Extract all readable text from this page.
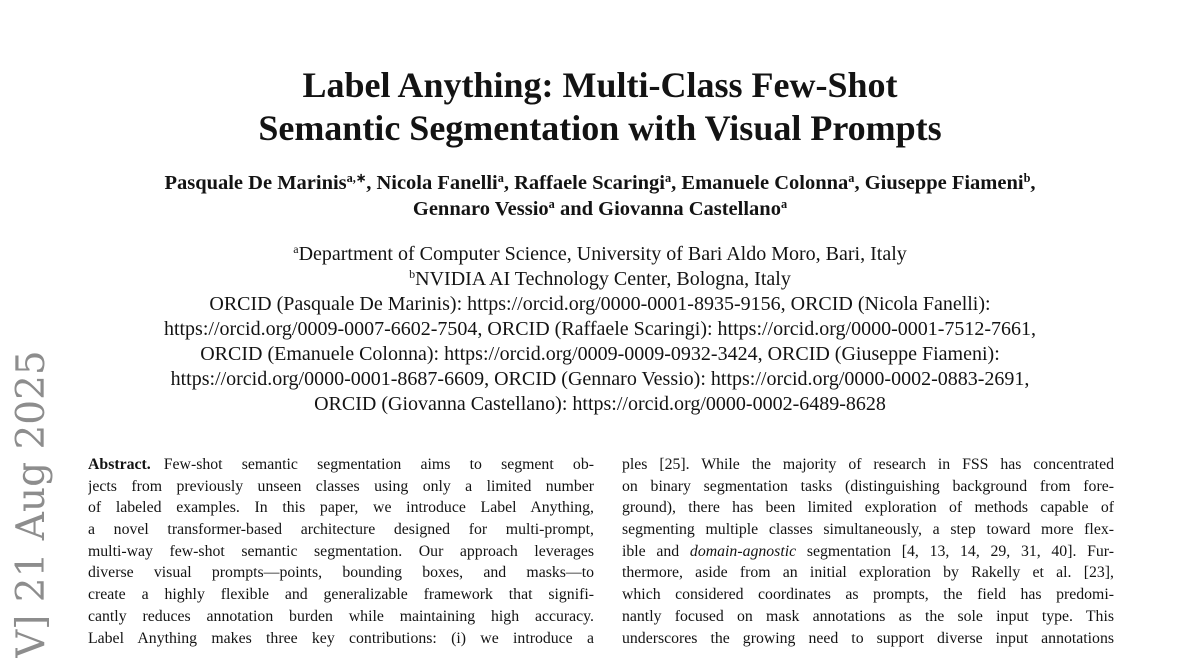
V] 21 Aug 2025
Label Anything: Multi-Class Few-Shot
Semantic Segmentation with Visual Prompts
Pasquale De Marinis$^{a,∗}$, Nicola Fanelli$^a$, Raffaele Scaringi$^a$, Emanuele Colonna$^a$, Giuseppe Fiameni$^b$,
Gennaro Vessio$^a$ and Giovanna Castellano$^a$
$^a$Department of Computer Science, University of Bari Aldo Moro, Bari, Italy
$^b$NVIDIA AI Technology Center, Bologna, Italy
ORCID (Pasquale De Marinis): https://orcid.org/0000-0001-8935-9156, ORCID (Nicola Fanelli):
https://orcid.org/0009-0007-6602-7504, ORCID (Raffaele Scaringi): https://orcid.org/0000-0001-7512-7661,
ORCID (Emanuele Colonna): https://orcid.org/0009-0009-0932-3424, ORCID (Giuseppe Fiameni):
https://orcid.org/0000-0001-8687-6609, ORCID (Gennaro Vessio): https://orcid.org/0000-0002-0883-2691,
ORCID (Giovanna Castellano): https://orcid.org/0000-0002-6489-8628
Abstract. Few-shot semantic segmentation aims to segment ob-
jects from previously unseen classes using only a limited number
of labeled examples. In this paper, we introduce Label Anything,
a novel transformer-based architecture designed for multi-prompt,
multi-way few-shot semantic segmentation. Our approach leverages
diverse visual prompts—points, bounding boxes, and masks—to
create a highly flexible and generalizable framework that signifi-
cantly reduces annotation burden while maintaining high accuracy.
Label Anything makes three key contributions: (i) we introduce a
ples [25]. While the majority of research in FSS has concentrated
on binary segmentation tasks (distinguishing background from fore-
ground), there has been limited exploration of methods capable of
segmenting multiple classes simultaneously, a step toward more flex-
ible and domain-agnostic segmentation [4, 13, 14, 29, 31, 40]. Fur-
thermore, aside from an initial exploration by Rakelly et al. [23],
which considered coordinates as prompts, the field has predomi-
nantly focused on mask annotations as the sole input type. This
underscores the growing need to support diverse input annotations
